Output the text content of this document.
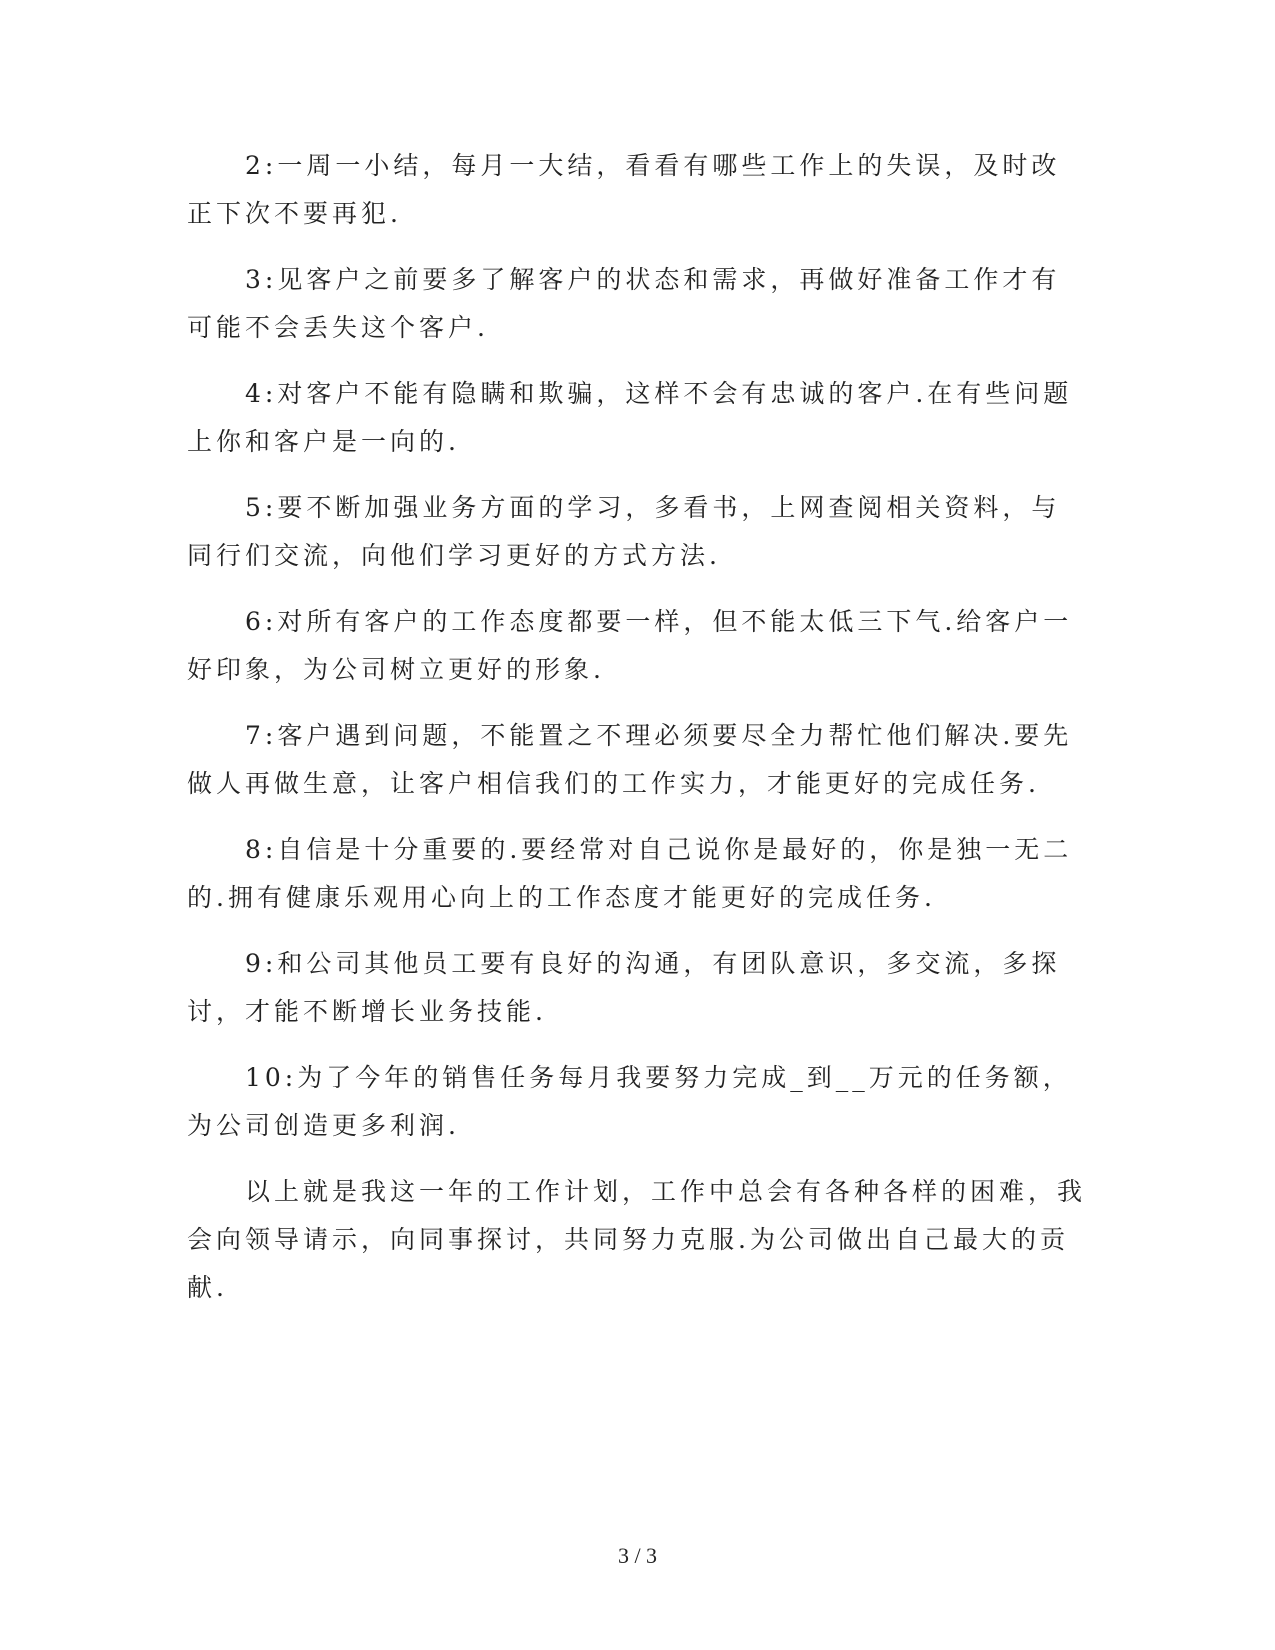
2:一周一小结，每月一大结，看看有哪些工作上的失误，及时改正下次不要再犯.

3:见客户之前要多了解客户的状态和需求，再做好准备工作才有可能不会丢失这个客户.

4:对客户不能有隐瞒和欺骗，这样不会有忠诚的客户.在有些问题上你和客户是一向的.

5:要不断加强业务方面的学习，多看书，上网查阅相关资料，与同行们交流，向他们学习更好的方式方法.

6:对所有客户的工作态度都要一样，但不能太低三下气.给客户一好印象，为公司树立更好的形象.

7:客户遇到问题，不能置之不理必须要尽全力帮忙他们解决.要先做人再做生意，让客户相信我们的工作实力，才能更好的完成任务.

8:自信是十分重要的.要经常对自己说你是最好的，你是独一无二的.拥有健康乐观用心向上的工作态度才能更好的完成任务.

9:和公司其他员工要有良好的沟通，有团队意识，多交流，多探讨，才能不断增长业务技能.

10:为了今年的销售任务每月我要努力完成_到__万元的任务额，为公司创造更多利润.

以上就是我这一年的工作计划，工作中总会有各种各样的困难，我会向领导请示，向同事探讨，共同努力克服.为公司做出自己最大的贡献.

3 / 3
